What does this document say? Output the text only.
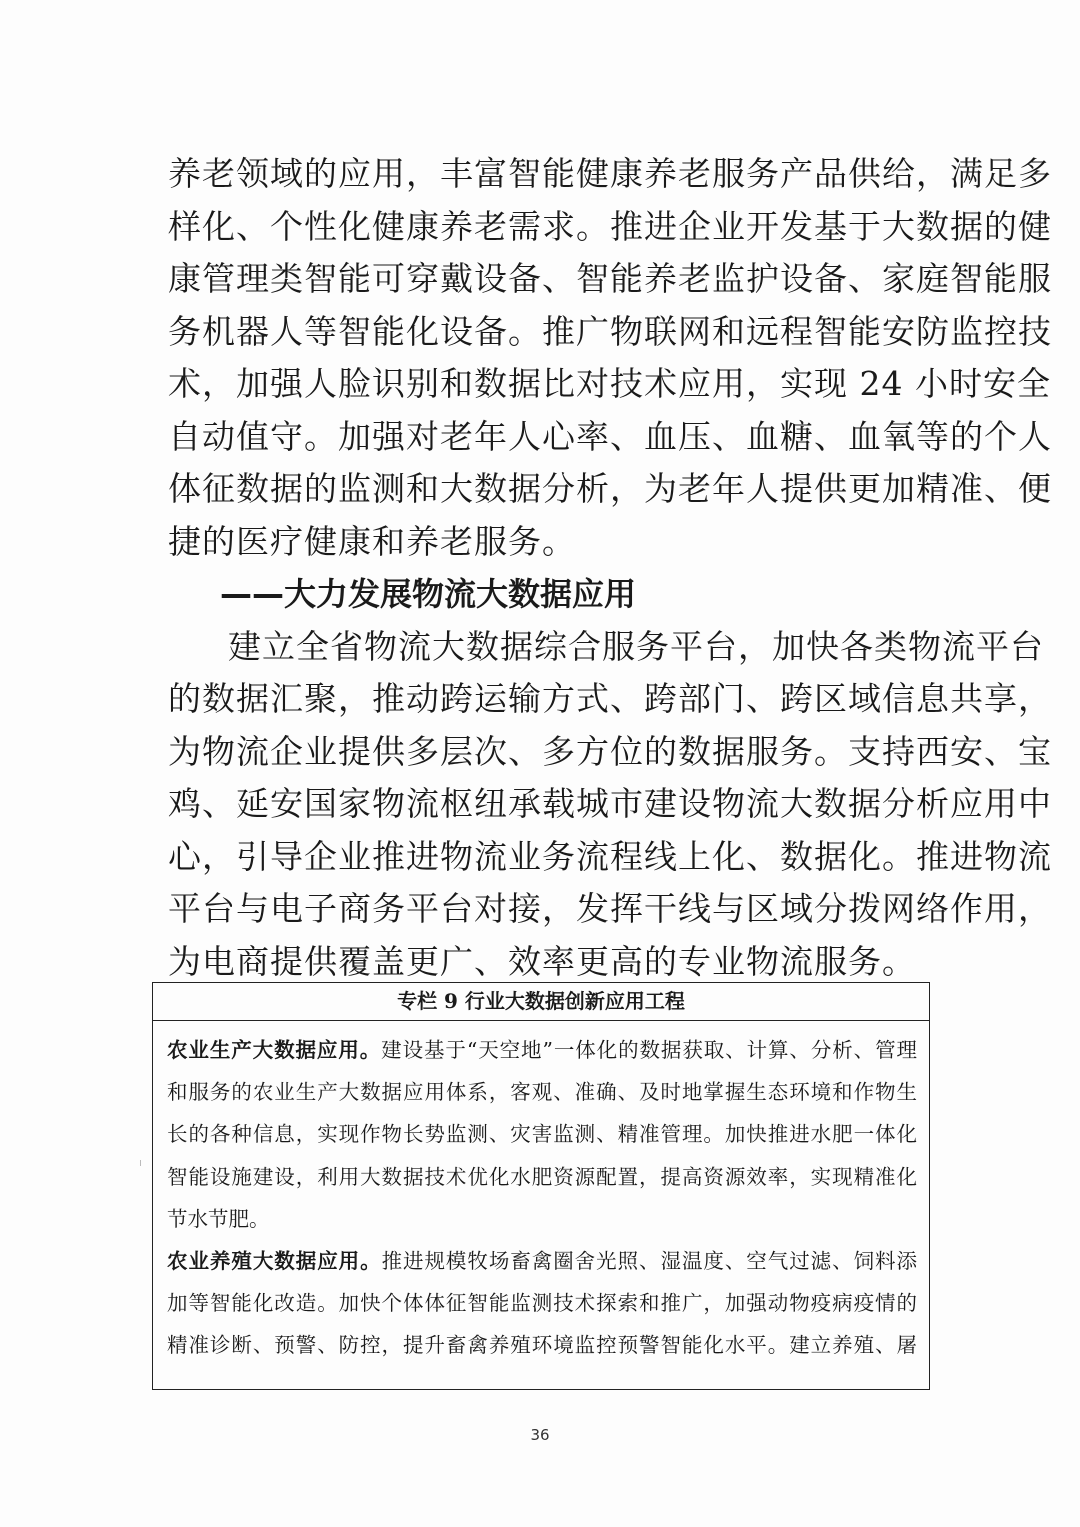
养老领域的应用，丰富智能健康养老服务产品供给，满足多
样化、个性化健康养老需求。推进企业开发基于大数据的健
康管理类智能可穿戴设备、智能养老监护设备、家庭智能服
务机器人等智能化设备。推广物联网和远程智能安防监控技
术，加强人脸识别和数据比对技术应用，实现 24 小时安全
自动值守。加强对老年人心率、血压、血糖、血氧等的个人
体征数据的监测和大数据分析，为老年人提供更加精准、便
捷的医疗健康和养老服务。
——大力发展物流大数据应用
建立全省物流大数据综合服务平台，加快各类物流平台
的数据汇聚，推动跨运输方式、跨部门、跨区域信息共享，
为物流企业提供多层次、多方位的数据服务。支持西安、宝
鸡、延安国家物流枢纽承载城市建设物流大数据分析应用中
心，引导企业推进物流业务流程线上化、数据化。推进物流
平台与电子商务平台对接，发挥干线与区域分拨网络作用，
为电商提供覆盖更广、效率更高的专业物流服务。
专栏 9 行业大数据创新应用工程
农业生产大数据应用。建设基于“天空地”一体化的数据获取、计算、分析、管理
和服务的农业生产大数据应用体系，客观、准确、及时地掌握生态环境和作物生
长的各种信息，实现作物长势监测、灾害监测、精准管理。加快推进水肥一体化
智能设施建设，利用大数据技术优化水肥资源配置，提高资源效率，实现精准化
节水节肥。
农业养殖大数据应用。推进规模牧场畜禽圈舍光照、湿温度、空气过滤、饲料添
加等智能化改造。加快个体体征智能监测技术探索和推广，加强动物疫病疫情的
精准诊断、预警、防控，提升畜禽养殖环境监控预警智能化水平。建立养殖、屠
36
